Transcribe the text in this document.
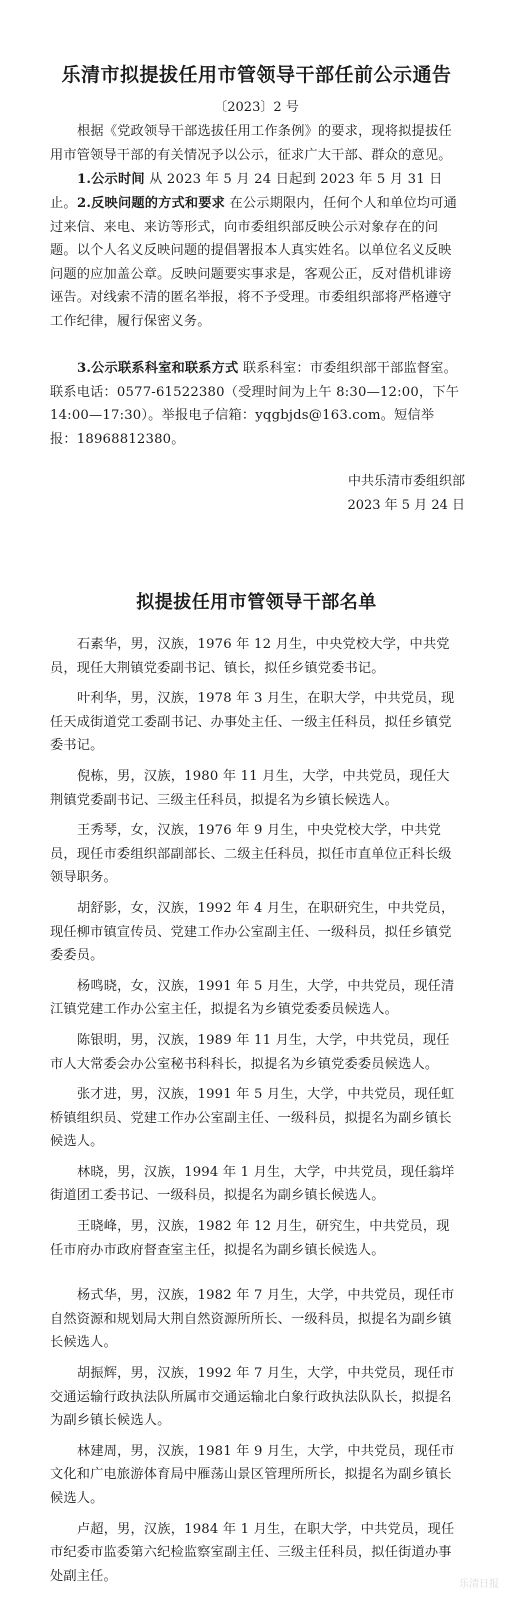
乐清市拟提拔任用市管领导干部任前公示通告
〔2023〕2 号

根据《党政领导干部选拔任用工作条例》的要求，现将拟提拔任用市管领导干部的有关情况予以公示，征求广大干部、群众的意见。

1.公示时间 从 2023 年 5 月 24 日起到 2023 年 5 月 31 日止。 2.反映问题的方式和要求 在公示期限内，任何个人和单位均可通过来信、来电、来访等形式，向市委组织部反映公示对象存在的问题。以个人名义反映问题的提倡署报本人真实姓名。以单位名义反映问题的应加盖公章。反映问题要实事求是，客观公正，反对借机诽谤诬告。对线索不清的匿名举报，将不予受理。市委组织部将严格遵守工作纪律，履行保密义务。

3.公示联系科室和联系方式 联系科室：市委组织部干部监督室。联系电话：0577-61522380（受理时间为上午 8:30—12:00，下午 14:00—17:30）。举报电子信箱：yqgbjds@163.com。短信举报：18968812380。

中共乐清市委组织部
2023 年 5 月 24 日
拟提拔任用市管领导干部名单
石素华，男，汉族，1976 年 12 月生，中央党校大学，中共党员，现任大荆镇党委副书记、镇长，拟任乡镇党委书记。
叶利华，男，汉族，1978 年 3 月生，在职大学，中共党员，现任天成街道党工委副书记、办事处主任、一级主任科员，拟任乡镇党委书记。
倪栋，男，汉族，1980 年 11 月生，大学，中共党员，现任大荆镇党委副书记、三级主任科员，拟提名为乡镇长候选人。
王秀琴，女，汉族，1976 年 9 月生，中央党校大学，中共党员，现任市委组织部副部长、二级主任科员，拟任市直单位正科长级领导职务。
胡舒影，女，汉族，1992 年 4 月生，在职研究生，中共党员，现任柳市镇宣传员、党建工作办公室副主任、一级科员，拟任乡镇党委委员。
杨鸣晓，女，汉族，1991 年 5 月生，大学，中共党员，现任清江镇党建工作办公室主任，拟提名为乡镇党委委员候选人。
陈银明，男，汉族，1989 年 11 月生，大学，中共党员，现任市人大常委会办公室秘书科科长，拟提名为乡镇党委委员候选人。
张才进，男，汉族，1991 年 5 月生，大学，中共党员，现任虹桥镇组织员、党建工作办公室副主任、一级科员，拟提名为副乡镇长候选人。
林晓，男，汉族，1994 年 1 月生，大学，中共党员，现任翁垟街道团工委书记、一级科员，拟提名为副乡镇长候选人。
王晓峰，男，汉族，1982 年 12 月生，研究生，中共党员，现任市府办市政府督查室主任，拟提名为副乡镇长候选人。
杨式华，男，汉族，1982 年 7 月生，大学，中共党员，现任市自然资源和规划局大荆自然资源所所长、一级科员，拟提名为副乡镇长候选人。
胡振辉，男，汉族，1992 年 7 月生，大学，中共党员，现任市交通运输行政执法队所属市交通运输北白象行政执法队队长，拟提名为副乡镇长候选人。
林建周，男，汉族，1981 年 9 月生，大学，中共党员，现任市文化和广电旅游体育局中雁荡山景区管理所所长，拟提名为副乡镇长候选人。
卢超，男，汉族，1984 年 1 月生，在职大学，中共党员，现任市纪委市监委第六纪检监察室副主任、三级主任科员，拟任街道办事处副主任。
乐清日报
